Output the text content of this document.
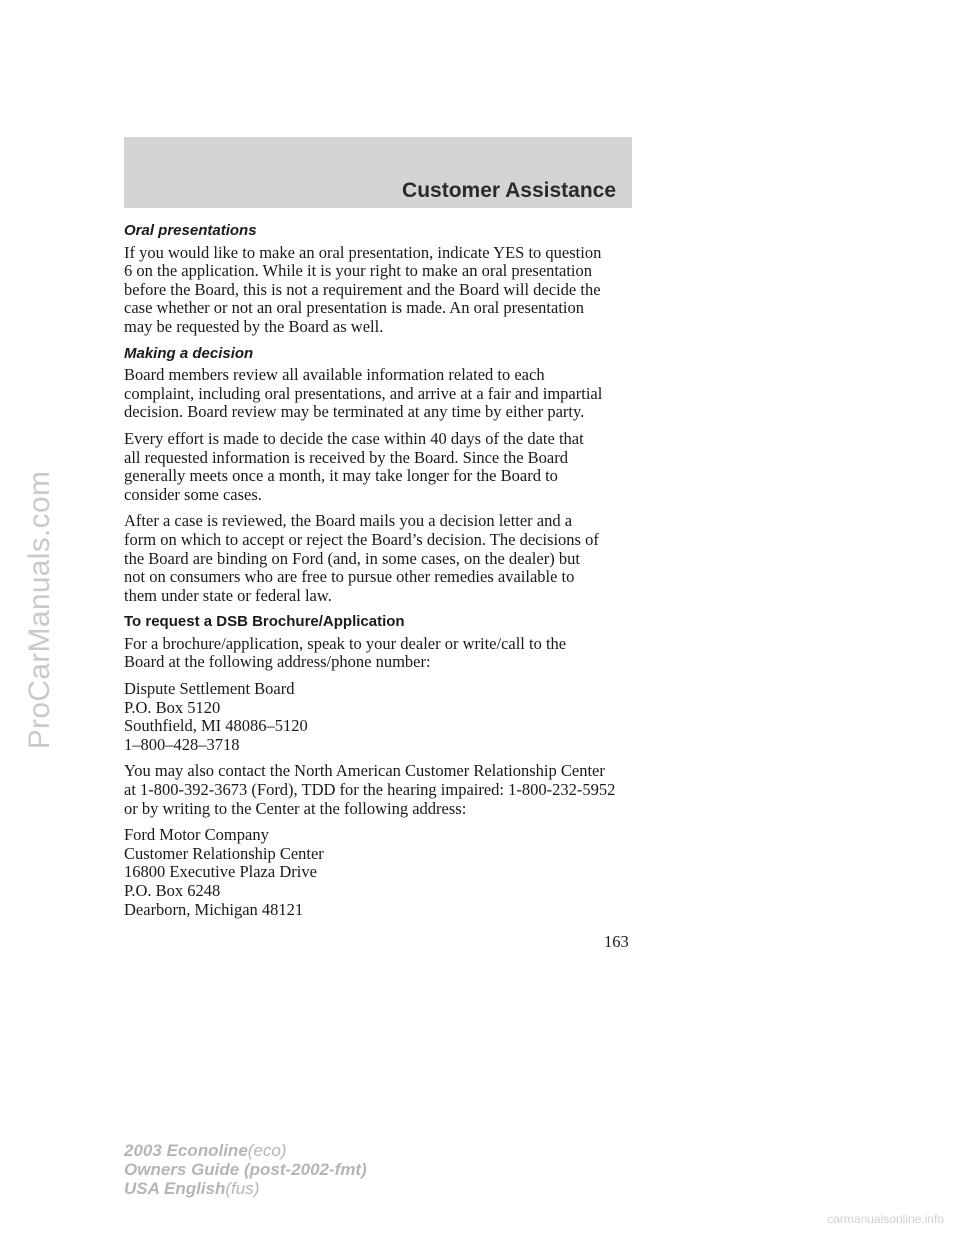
ProCarManuals.com
Customer Assistance
Oral presentations

If you would like to make an oral presentation, indicate YES to question
6 on the application. While it is your right to make an oral presentation
before the Board, this is not a requirement and the Board will decide the
case whether or not an oral presentation is made. An oral presentation
may be requested by the Board as well.

Making a decision

Board members review all available information related to each
complaint, including oral presentations, and arrive at a fair and impartial
decision. Board review may be terminated at any time by either party.

Every effort is made to decide the case within 40 days of the date that
all requested information is received by the Board. Since the Board
generally meets once a month, it may take longer for the Board to
consider some cases.

After a case is reviewed, the Board mails you a decision letter and a
form on which to accept or reject the Board’s decision. The decisions of
the Board are binding on Ford (and, in some cases, on the dealer) but
not on consumers who are free to pursue other remedies available to
them under state or federal law.

To request a DSB Brochure/Application

For a brochure/application, speak to your dealer or write/call to the
Board at the following address/phone number:

Dispute Settlement Board
P.O. Box 5120
Southfield, MI 48086–5120
1–800–428–3718

You may also contact the North American Customer Relationship Center
at 1-800-392-3673 (Ford), TDD for the hearing impaired: 1-800-232-5952
or by writing to the Center at the following address:

Ford Motor Company
Customer Relationship Center
16800 Executive Plaza Drive
P.O. Box 6248
Dearborn, Michigan 48121

163
2003 Econoline(eco)
Owners Guide (post-2002-fmt)
USA English(fus)
carmanualsonline.info
